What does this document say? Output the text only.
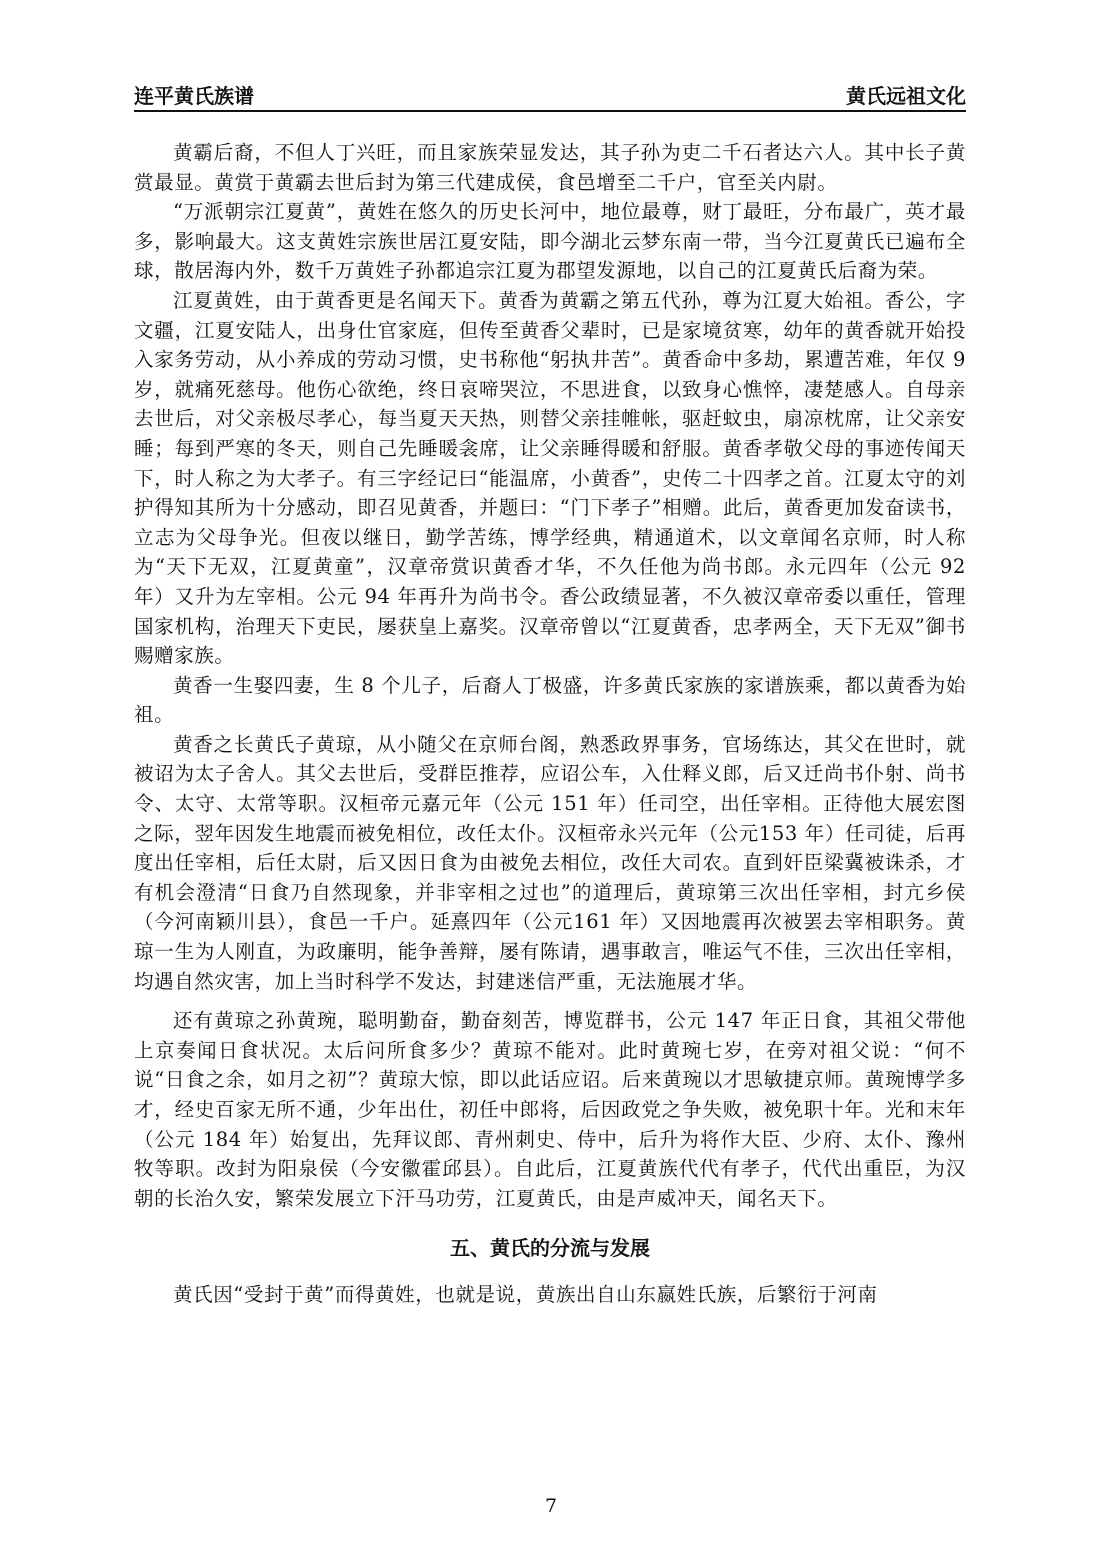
连平黄氏族谱	黄氏远祖文化

黄霸后裔，不但人丁兴旺，而且家族荣显发达，其子孙为吏二千石者达六人。其中长子黄赏最显。黄赏于黄霸去世后封为第三代建成侯，食邑增至二千户，官至关内尉。

“万派朝宗江夏黄”，黄姓在悠久的历史长河中，地位最尊，财丁最旺，分布最广，英才最多，影响最大。这支黄姓宗族世居江夏安陆，即今湖北云梦东南一带，当今江夏黄氏已遍布全球，散居海内外，数千万黄姓子孙都追宗江夏为郡望发源地，以自己的江夏黄氏后裔为荣。

江夏黄姓，由于黄香更是名闻天下。黄香为黄霸之第五代孙，尊为江夏大始祖。香公，字文疆，江夏安陆人，出身仕官家庭，但传至黄香父辈时，已是家境贫寒，幼年的黄香就开始投入家务劳动，从小养成的劳动习惯，史书称他“躬执井苦”。黄香命中多劫，累遭苦难，年仅 9 岁，就痛死慈母。他伤心欲绝，终日哀啼哭泣，不思进食，以致身心憔悴，凄楚感人。自母亲去世后，对父亲极尽孝心，每当夏天天热，则替父亲挂帷帐，驱赶蚊虫，扇凉枕席，让父亲安睡；每到严寒的冬天，则自己先睡暖衾席，让父亲睡得暖和舒服。黄香孝敬父母的事迹传闻天下，时人称之为大孝子。有三字经记曰“能温席，小黄香”，史传二十四孝之首。江夏太守的刘护得知其所为十分感动，即召见黄香，并题曰：“门下孝子”相赠。此后，黄香更加发奋读书，立志为父母争光。但夜以继日，勤学苦练，博学经典，精通道术，以文章闻名京师，时人称为“天下无双，江夏黄童”，汉章帝赏识黄香才华，不久任他为尚书郎。永元四年（公元 92 年）又升为左宰相。公元 94 年再升为尚书令。香公政绩显著，不久被汉章帝委以重任，管理国家机构，治理天下吏民，屡获皇上嘉奖。汉章帝曾以“江夏黄香，忠孝两全，天下无双”御书赐赠家族。

黄香一生娶四妻，生 8 个儿子，后裔人丁极盛，许多黄氏家族的家谱族乘，都以黄香为始祖。

黄香之长黄氏子黄琼，从小随父在京师台阁，熟悉政界事务，官场练达，其父在世时，就被诏为太子舍人。其父去世后，受群臣推荐，应诏公车，入仕释义郎，后又迁尚书仆射、尚书令、太守、太常等职。汉桓帝元嘉元年（公元 151 年）任司空，出任宰相。正待他大展宏图之际，翌年因发生地震而被免相位，改任太仆。汉桓帝永兴元年（公元153 年）任司徒，后再度出任宰相，后任太尉，后又因日食为由被免去相位，改任大司农。直到奸臣梁冀被诛杀，才有机会澄清“日食乃自然现象，并非宰相之过也”的道理后，黄琼第三次出任宰相，封亢乡侯（今河南颖川县），食邑一千户。延熹四年（公元161 年）又因地震再次被罢去宰相职务。黄琼一生为人刚直，为政廉明，能争善辩，屡有陈请，遇事敢言，唯运气不佳，三次出任宰相，均遇自然灾害，加上当时科学不发达，封建迷信严重，无法施展才华。

还有黄琼之孙黄琬，聪明勤奋，勤奋刻苦，博览群书，公元 147 年正日食，其祖父带他上京奏闻日食状况。太后问所食多少？黄琼不能对。此时黄琬七岁，在旁对祖父说：“何不说“日食之余，如月之初”？黄琼大惊，即以此话应诏。后来黄琬以才思敏捷京师。黄琬博学多才，经史百家无所不通，少年出仕，初任中郎将，后因政党之争失败，被免职十年。光和末年（公元 184 年）始复出，先拜议郎、青州刺史、侍中，后升为将作大臣、少府、太仆、豫州牧等职。改封为阳泉侯（今安徽霍邱县）。自此后，江夏黄族代代有孝子，代代出重臣，为汉朝的长治久安，繁荣发展立下汗马功劳，江夏黄氏，由是声威冲天，闻名天下。

五、黄氏的分流与发展

黄氏因“受封于黄”而得黄姓，也就是说，黄族出自山东嬴姓氏族，后繁衍于河南

7
